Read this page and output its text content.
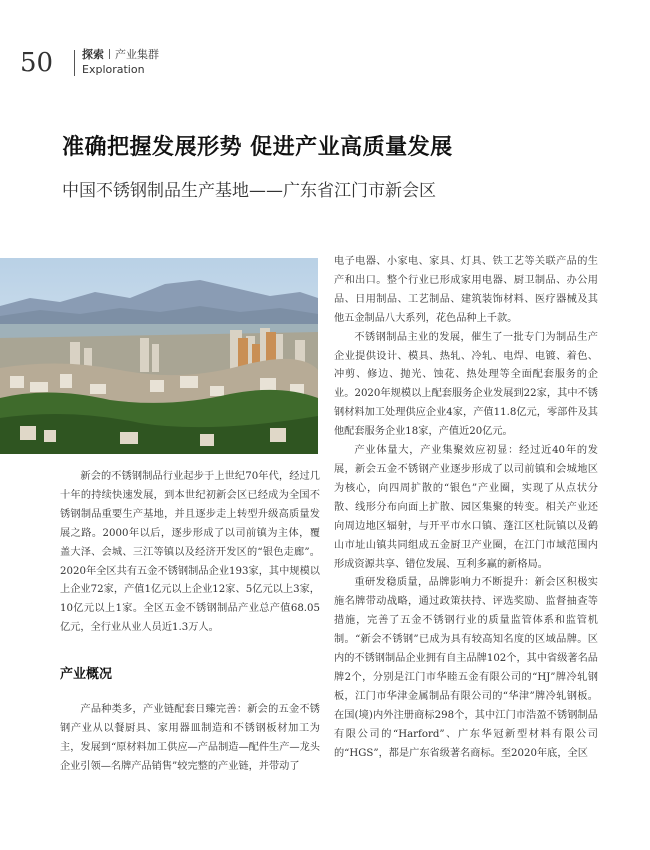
50	探索 产业集群
Exploration
准确把握发展形势 促进产业高质量发展
中国不锈钢制品生产基地——广东省江门市新会区

新会的不锈钢制品行业起步于上世纪70年代，经过几十年的持续快速发展，到本世纪初新会区已经成为全国不锈钢制品重要生产基地，并且逐步走上转型升级高质量发展之路。2000年以后，逐步形成了以司前镇为主体，覆盖大泽、会城、三江等镇以及经济开发区的“银色走廊”。2020年全区共有五金不锈钢制品企业193家，其中规模以上企业72家，产值1亿元以上企业12家、5亿元以上3家，10亿元以上1家。全区五金不锈钢制品产业总产值68.05亿元，全行业从业人员近1.3万人。

产业概况

产品种类多，产业链配套日臻完善：新会的五金不锈钢产业从以餐厨具、家用器皿制造和不锈钢板材加工为主，发展到“原材料加工供应—产品制造—配件生产—龙头企业引领—名牌产品销售”较完整的产业链，并带动了

电子电器、小家电、家具、灯具、铁工艺等关联产品的生产和出口。整个行业已形成家用电器、厨卫制品、办公用品、日用制品、工艺制品、建筑装饰材料、医疗器械及其他五金制品八大系列，花色品种上千款。

不锈钢制品主业的发展，催生了一批专门为制品生产企业提供设计、模具、热轧、冷轧、电焊、电镀、着色、冲剪、修边、抛光、蚀花、热处理等全面配套服务的企业。2020年规模以上配套服务企业发展到22家，其中不锈钢材料加工处理供应企业4家，产值11.8亿元，零部件及其他配套服务企业18家，产值近20亿元。

产业体量大，产业集聚效应初显：经过近40年的发展，新会五金不锈钢产业逐步形成了以司前镇和会城地区为核心，向四周扩散的“银色”产业圈，实现了从点状分散、线形分布向面上扩散、园区集聚的转变。相关产业还向周边地区辐射，与开平市水口镇、蓬江区杜阮镇以及鹤山市址山镇共同组成五金厨卫产业圈，在江门市域范围内形成资源共享、错位发展、互利多赢的新格局。

重研发稳质量，品牌影响力不断提升：新会区积极实施名牌带动战略，通过政策扶持、评选奖励、监督抽查等措施，完善了五金不锈钢行业的质量监管体系和监管机制。“新会不锈钢”已成为具有较高知名度的区域品牌。区内的不锈钢制品企业拥有自主品牌102个，其中省级著名品牌2个，分别是江门市华睦五金有限公司的“HJ”牌冷轧钢板，江门市华津金属制品有限公司的“华津”牌冷轧钢板。在国(境)内外注册商标298个，其中江门市浩盈不锈钢制品有限公司的“Harford”、广东华冠新型材料有限公司的“HGS”，都是广东省级著名商标。至2020年底，全区
